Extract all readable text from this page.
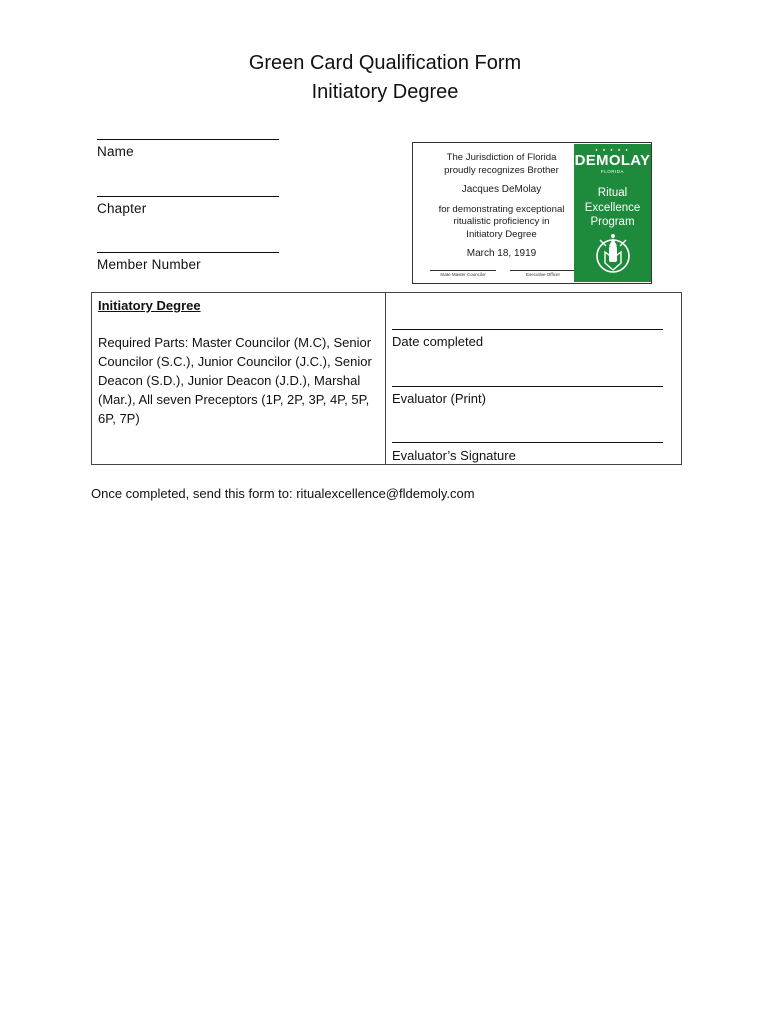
Green Card Qualification Form
Initiatory Degree
Name
Chapter
Member Number
The Jurisdiction of Florida
proudly recognizes Brother
Jacques DeMolay
for demonstrating exceptional
ritualistic proficiency in
Initiatory Degree
March 18, 1919
State Master Councilor	Executive Officer
● ● ● ● ●
DEMOLAY
FLORIDA
Ritual
Excellence
Program
Initiatory Degree
Required Parts: Master Councilor (M.C), Senior Councilor (S.C.), Junior Councilor (J.C.), Senior Deacon (S.D.), Junior Deacon (J.D.), Marshal (Mar.), All seven Preceptors (1P, 2P, 3P, 4P, 5P, 6P, 7P)
Date completed
Evaluator (Print)
Evaluator’s Signature
Once completed, send this form to: ritualexcellence@fldemoly.com
